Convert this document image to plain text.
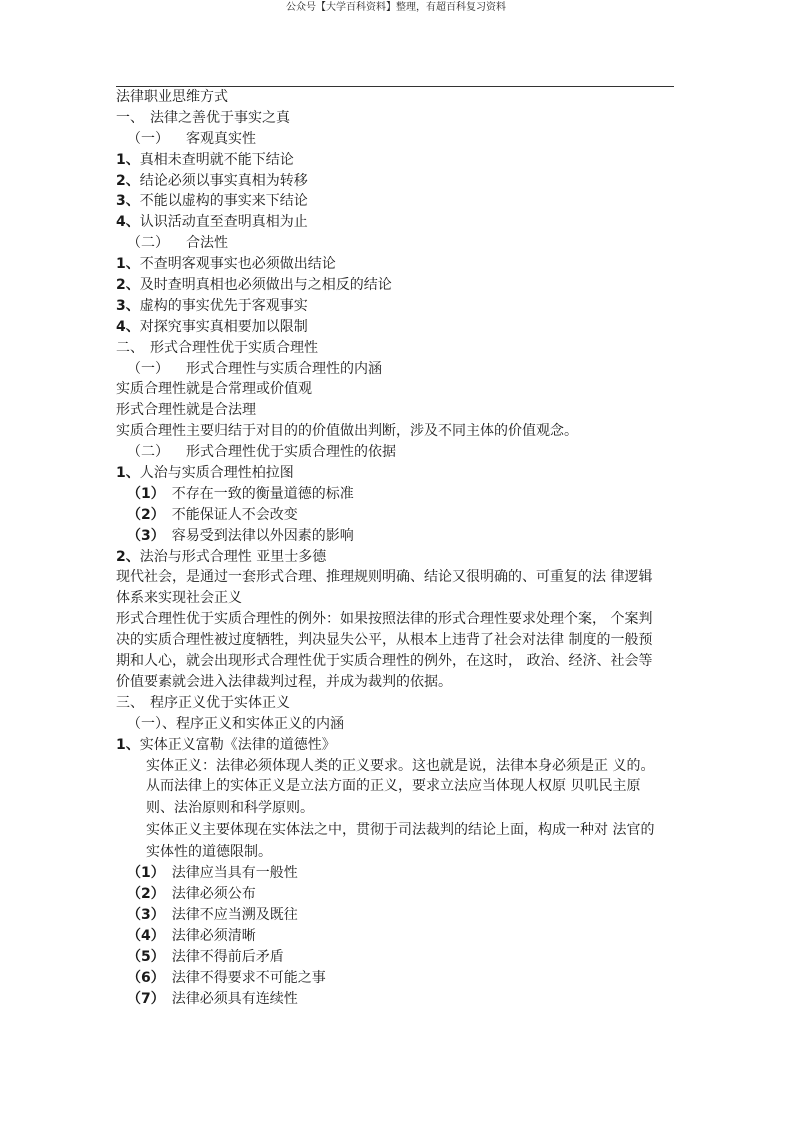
公众号【大学百科资料】整理，有超百科复习资料
法律职业思维方式
一、 法律之善优于事实之真
（一） 客观真实性
1、真相未查明就不能下结论
2、结论必须以事实真相为转移
3、不能以虚构的事实来下结论
4、认识活动直至查明真相为止
（二） 合法性
1、不查明客观事实也必须做出结论
2、及时查明真相也必须做出与之相反的结论
3、虚构的事实优先于客观事实
4、对探究事实真相要加以限制
二、 形式合理性优于实质合理性
（一） 形式合理性与实质合理性的内涵
实质合理性就是合常理或价值观
形式合理性就是合法理
实质合理性主要归结于对目的的价值做出判断，涉及不同主体的价值观念。
（二） 形式合理性优于实质合理性的依据
1、人治与实质合理性柏拉图
（1） 不存在一致的衡量道德的标准
（2） 不能保证人不会改变
（3） 容易受到法律以外因素的影响
2、法治与形式合理性 亚里士多德
现代社会，是通过一套形式合理、推理规则明确、结论又很明确的、可重复的法 律逻辑
体系来实现社会正义
形式合理性优于实质合理性的例外：如果按照法律的形式合理性要求处理个案， 个案判
决的实质合理性被过度牺牲，判决显失公平，从根本上违背了社会对法律 制度的一般预
期和人心，就会出现形式合理性优于实质合理性的例外，在这时， 政治、经济、社会等
价值要素就会进入法律裁判过程，并成为裁判的依据。
三、 程序正义优于实体正义
（一）、程序正义和实体正义的内涵
1、实体正义富勒《法律的道德性》
实体正义：法律必须体现人类的正义要求。这也就是说，法律本身必须是正 义的。
从而法律上的实体正义是立法方面的正义，要求立法应当体现人权原 贝叽民主原
则、法治原则和科学原则。
实体正义主要体现在实体法之中，贯彻于司法裁判的结论上面，构成一种对 法官的
实体性的道德限制。
（1） 法律应当具有一般性
（2） 法律必须公布
（3） 法律不应当溯及既往
（4） 法律必须清晰
（5） 法律不得前后矛盾
（6） 法律不得要求不可能之事
（7） 法律必须具有连续性
